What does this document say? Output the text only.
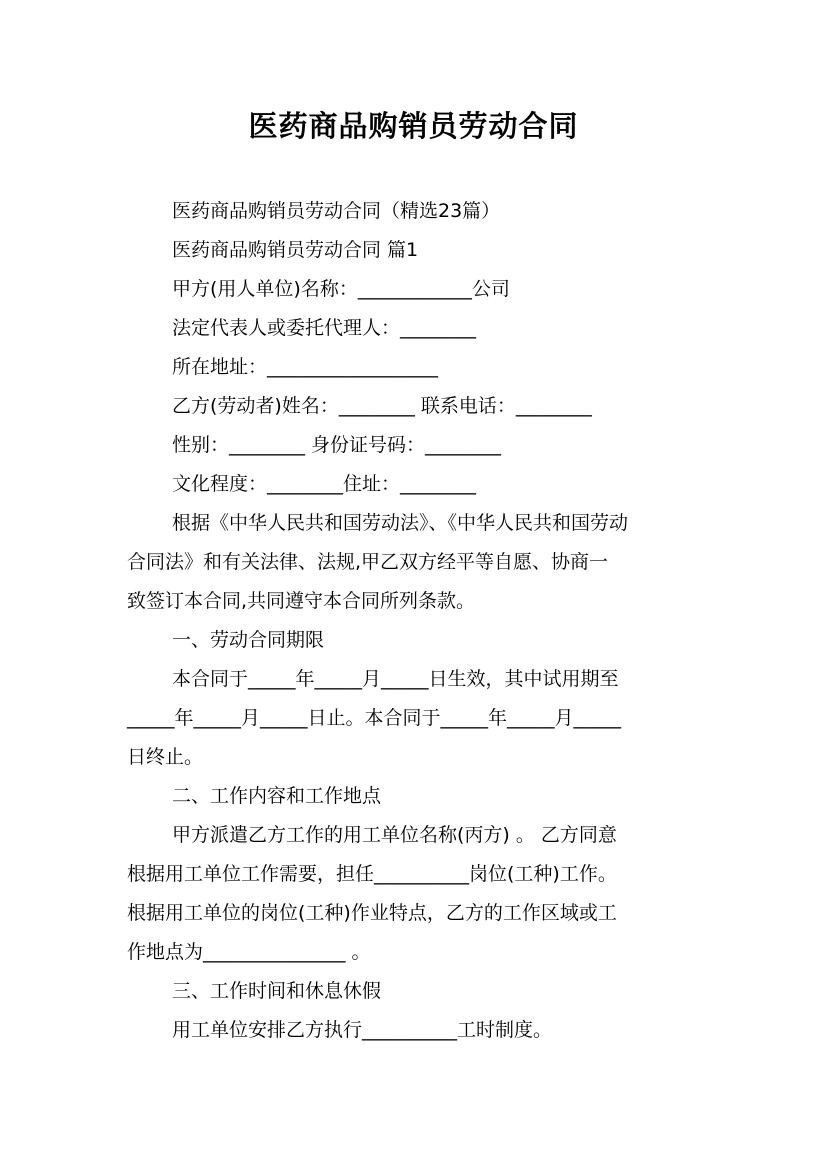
医药商品购销员劳动合同
医药商品购销员劳动合同（精选23篇）
医药商品购销员劳动合同 篇1
甲方(用人单位)名称：____________公司
法定代表人或委托代理人：________
所在地址：__________________
乙方(劳动者)姓名：________ 联系电话：________
性别：________ 身份证号码：________
文化程度：________住址：________
根据《中华人民共和国劳动法》、《中华人民共和国劳动
合同法》和有关法律、法规,甲乙双方经平等自愿、协商一
致签订本合同,共同遵守本合同所列条款。
一、劳动合同期限
本合同于_____年_____月_____日生效，其中试用期至
_____年_____月_____日止。本合同于_____年_____月_____
日终止。
二、工作内容和工作地点
甲方派遣乙方工作的用工单位名称(丙方) 。 乙方同意
根据用工单位工作需要，担任__________岗位(工种)工作。
根据用工单位的岗位(工种)作业特点，乙方的工作区域或工
作地点为_______________ 。
三、工作时间和休息休假
用工单位安排乙方执行__________工时制度。
